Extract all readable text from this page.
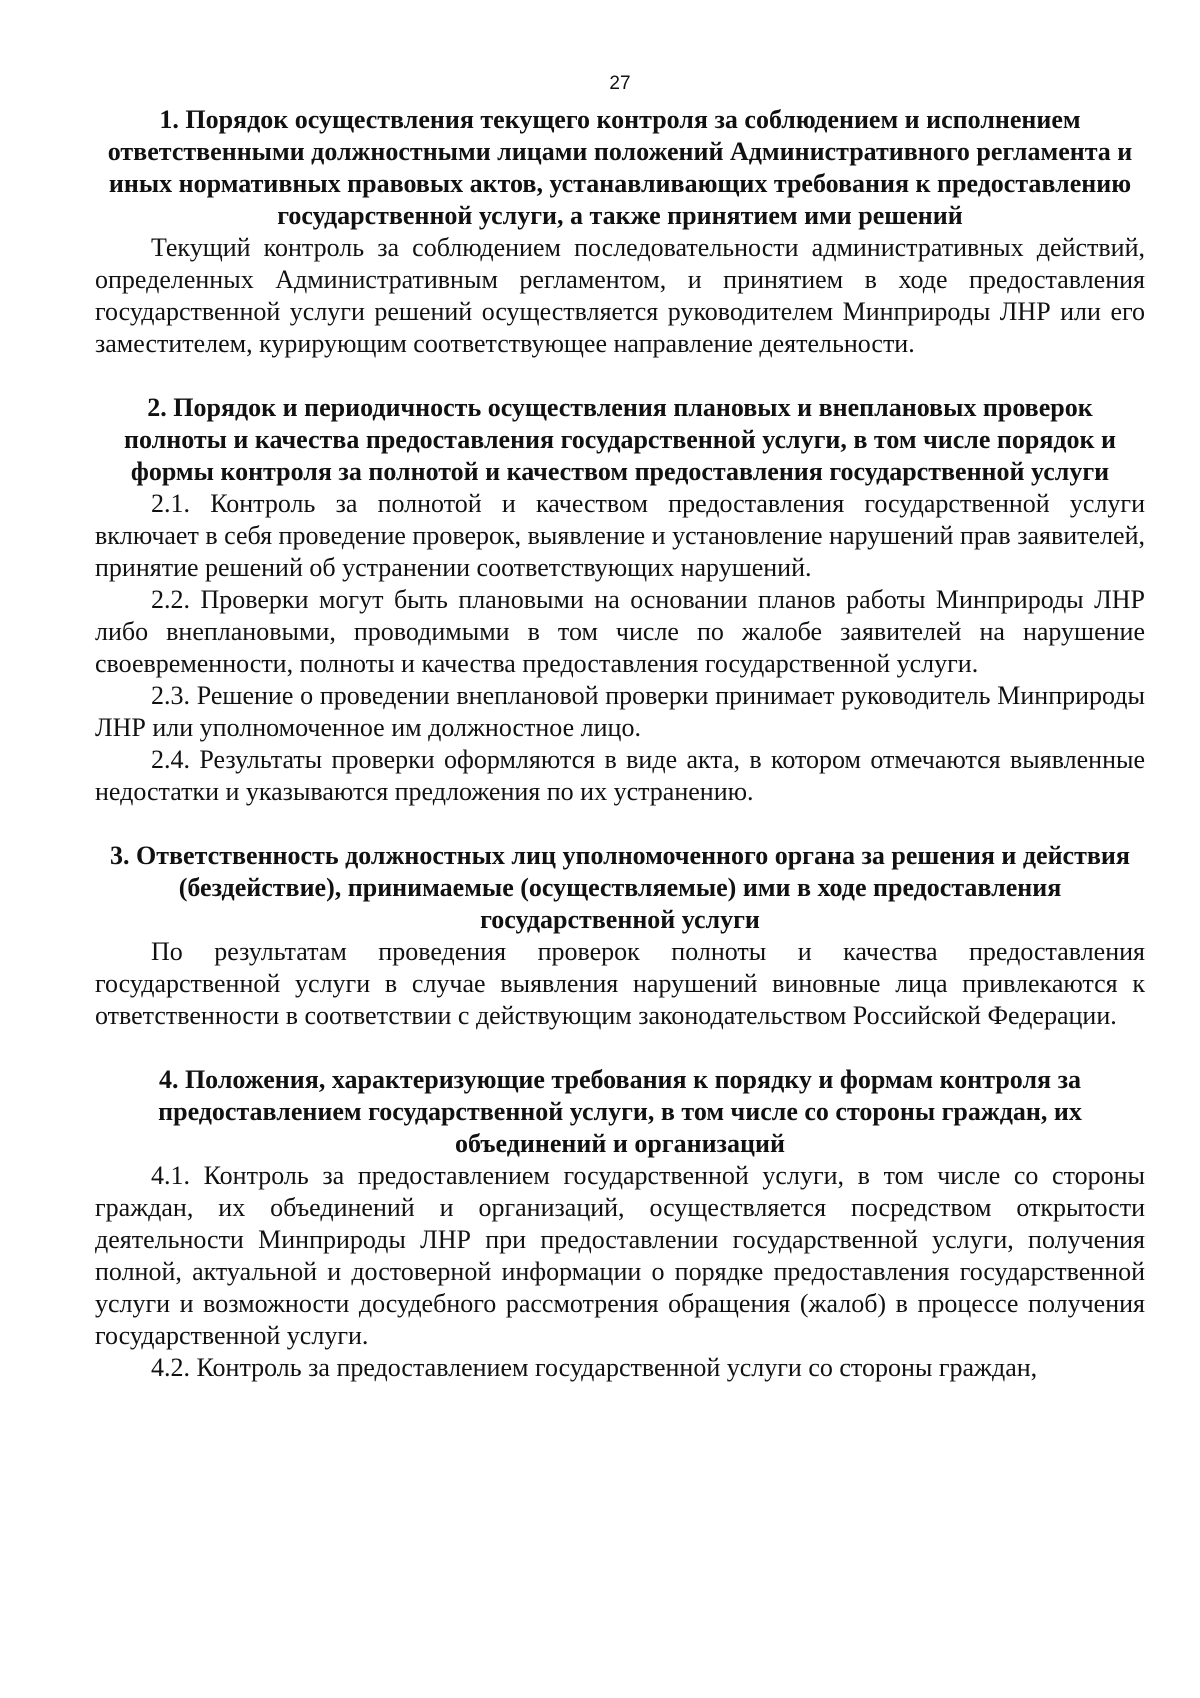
27
1. Порядок осуществления текущего контроля за соблюдением и исполнением ответственными должностными лицами положений Административного регламента и иных нормативных правовых актов, устанавливающих требования к предоставлению государственной услуги, а также принятием ими решений

Текущий контроль за соблюдением последовательности административных действий, определенных Административным регламентом, и принятием в ходе предоставления государственной услуги решений осуществляется руководителем Минприроды ЛНР или его заместителем, курирующим соответствующее направление деятельности.

2. Порядок и периодичность осуществления плановых и внеплановых проверок полноты и качества предоставления государственной услуги, в том числе порядок и формы контроля за полнотой и качеством предоставления государственной услуги

2.1. Контроль за полнотой и качеством предоставления государственной услуги включает в себя проведение проверок, выявление и установление нарушений прав заявителей, принятие решений об устранении соответствующих нарушений.

2.2. Проверки могут быть плановыми на основании планов работы Минприроды ЛНР либо внеплановыми, проводимыми в том числе по жалобе заявителей на нарушение своевременности, полноты и качества предоставления государственной услуги.

2.3. Решение о проведении внеплановой проверки принимает руководитель Минприроды ЛНР или уполномоченное им должностное лицо.

2.4. Результаты проверки оформляются в виде акта, в котором отмечаются выявленные недостатки и указываются предложения по их устранению.

3. Ответственность должностных лиц уполномоченного органа за решения и действия (бездействие), принимаемые (осуществляемые) ими в ходе предоставления государственной услуги

По результатам проведения проверок полноты и качества предоставления государственной услуги в случае выявления нарушений виновные лица привлекаются к ответственности в соответствии с действующим законодательством Российской Федерации.

4. Положения, характеризующие требования к порядку и формам контроля за предоставлением государственной услуги, в том числе со стороны граждан, их объединений и организаций

4.1. Контроль за предоставлением государственной услуги, в том числе со стороны граждан, их объединений и организаций, осуществляется посредством открытости деятельности Минприроды ЛНР при предоставлении государственной услуги, получения полной, актуальной и достоверной информации о порядке предоставления государственной услуги и возможности досудебного рассмотрения обращения (жалоб) в процессе получения государственной услуги.

4.2. Контроль за предоставлением государственной услуги со стороны граждан,
